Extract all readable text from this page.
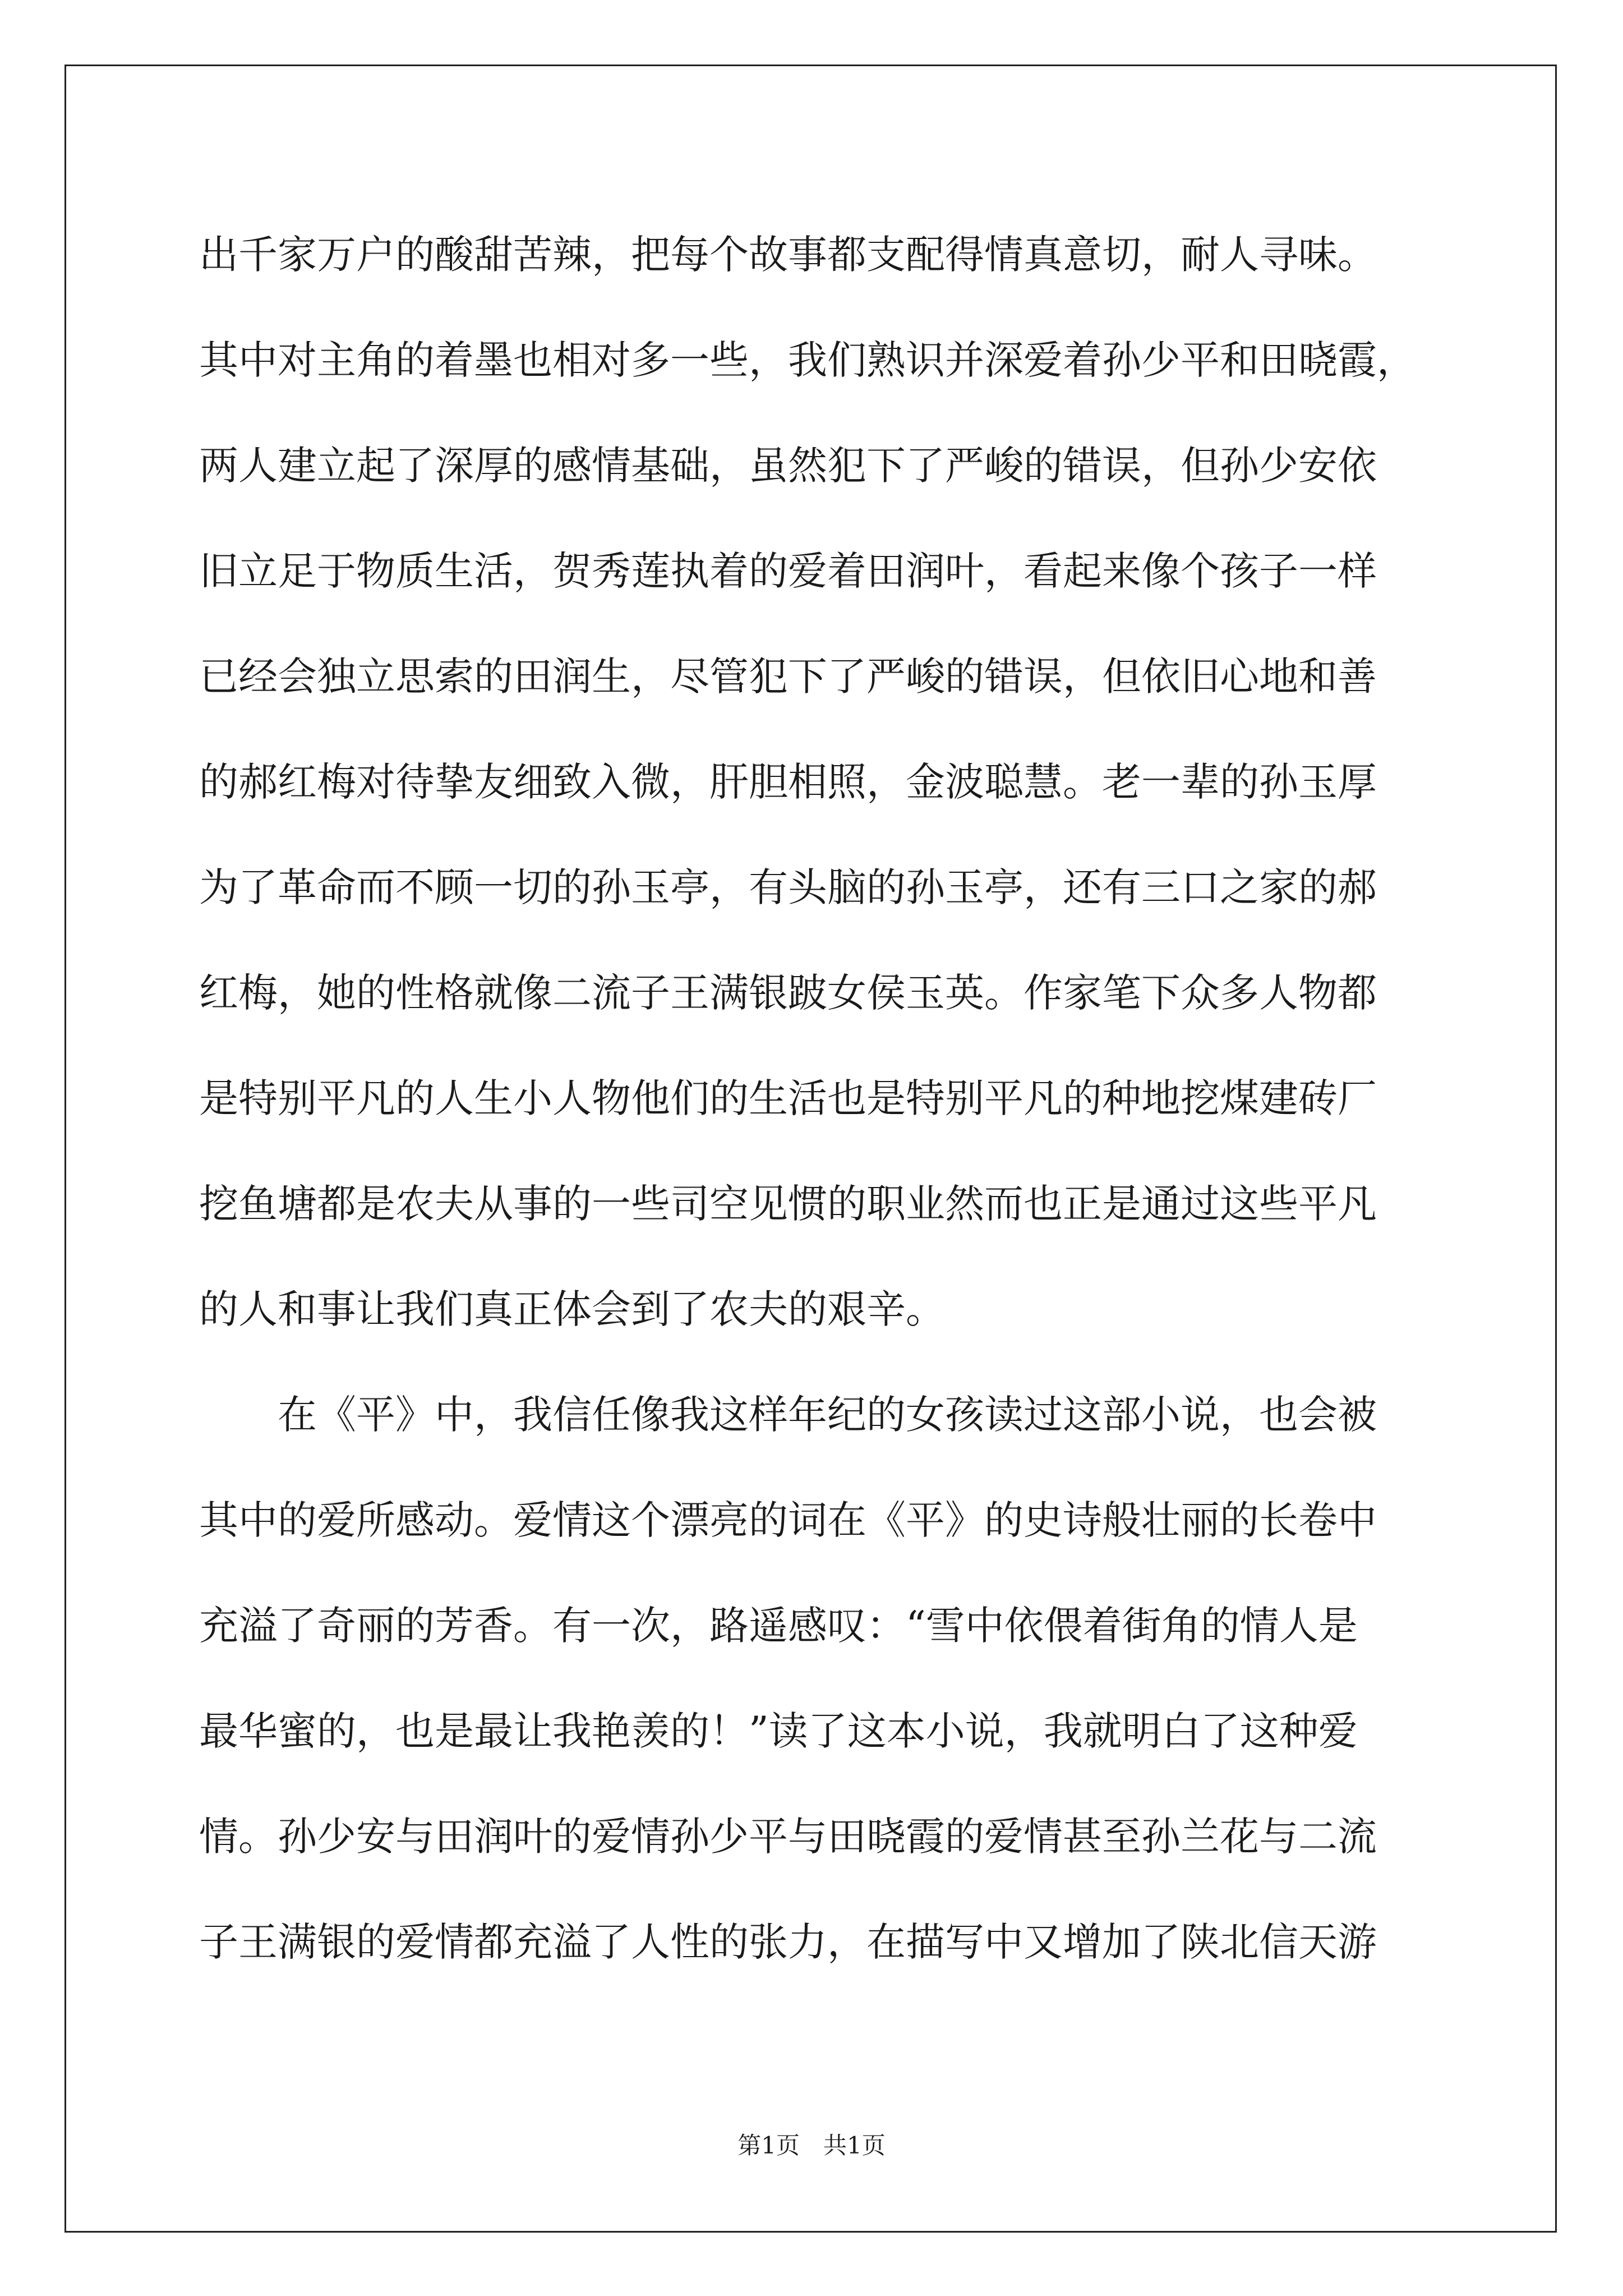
出千家万户的酸甜苦辣，把每个故事都支配得情真意切，耐人寻味。
其中对主角的着墨也相对多一些，我们熟识并深爱着孙少平和田晓霞，
两人建立起了深厚的感情基础，虽然犯下了严峻的错误，但孙少安依
旧立足于物质生活，贺秀莲执着的爱着田润叶，看起来像个孩子一样
已经会独立思索的田润生，尽管犯下了严峻的错误，但依旧心地和善
的郝红梅对待挚友细致入微，肝胆相照，金波聪慧。老一辈的孙玉厚
为了革命而不顾一切的孙玉亭，有头脑的孙玉亭，还有三口之家的郝
红梅，她的性格就像二流子王满银跛女侯玉英。作家笔下众多人物都
是特别平凡的人生小人物他们的生活也是特别平凡的种地挖煤建砖厂
挖鱼塘都是农夫从事的一些司空见惯的职业然而也正是通过这些平凡
的人和事让我们真正体会到了农夫的艰辛。
在《平》中，我信任像我这样年纪的女孩读过这部小说，也会被
其中的爱所感动。爱情这个漂亮的词在《平》的史诗般壮丽的长卷中
充溢了奇丽的芳香。有一次，路遥感叹：“雪中依偎着街角的情人是
最华蜜的，也是最让我艳羡的！”读了这本小说，我就明白了这种爱
情。孙少安与田润叶的爱情孙少平与田晓霞的爱情甚至孙兰花与二流
子王满银的爱情都充溢了人性的张力，在描写中又增加了陕北信天游
第1页　共1页
